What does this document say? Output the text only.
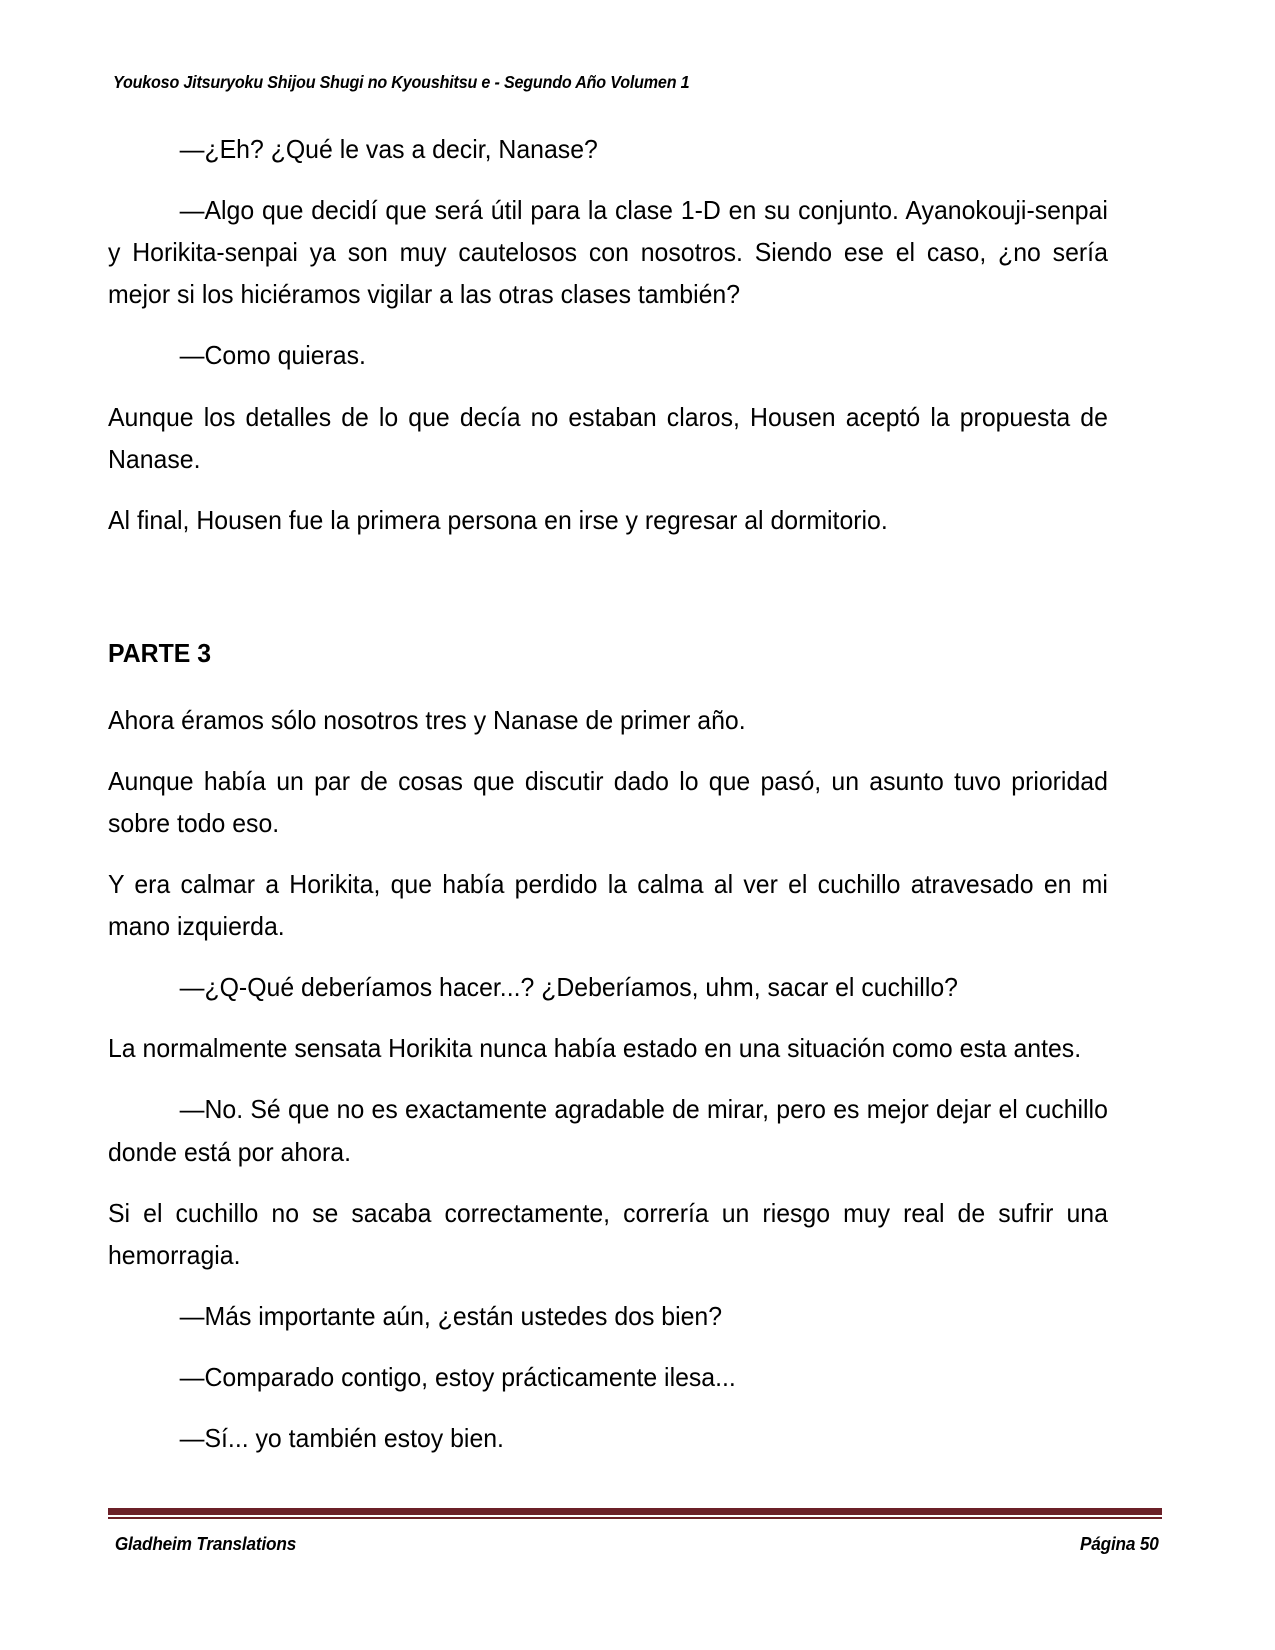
Youkoso Jitsuryoku Shijou Shugi no Kyoushitsu e - Segundo Año Volumen 1

—¿Eh? ¿Qué le vas a decir, Nanase?

—Algo que decidí que será útil para la clase 1-D en su conjunto. Ayanokouji-senpai y Horikita-senpai ya son muy cautelosos con nosotros. Siendo ese el caso, ¿no sería mejor si los hiciéramos vigilar a las otras clases también?

—Como quieras.

Aunque los detalles de lo que decía no estaban claros, Housen aceptó la propuesta de Nanase.

Al final, Housen fue la primera persona en irse y regresar al dormitorio.

PARTE 3

Ahora éramos sólo nosotros tres y Nanase de primer año.

Aunque había un par de cosas que discutir dado lo que pasó, un asunto tuvo prioridad sobre todo eso.

Y era calmar a Horikita, que había perdido la calma al ver el cuchillo atravesado en mi mano izquierda.

—¿Q-Qué deberíamos hacer...? ¿Deberíamos, uhm, sacar el cuchillo?

La normalmente sensata Horikita nunca había estado en una situación como esta antes.

—No. Sé que no es exactamente agradable de mirar, pero es mejor dejar el cuchillo donde está por ahora.

Si el cuchillo no se sacaba correctamente, correría un riesgo muy real de sufrir una hemorragia.

—Más importante aún, ¿están ustedes dos bien?

—Comparado contigo, estoy prácticamente ilesa...

—Sí... yo también estoy bien.

Gladheim Translations	Página 50
